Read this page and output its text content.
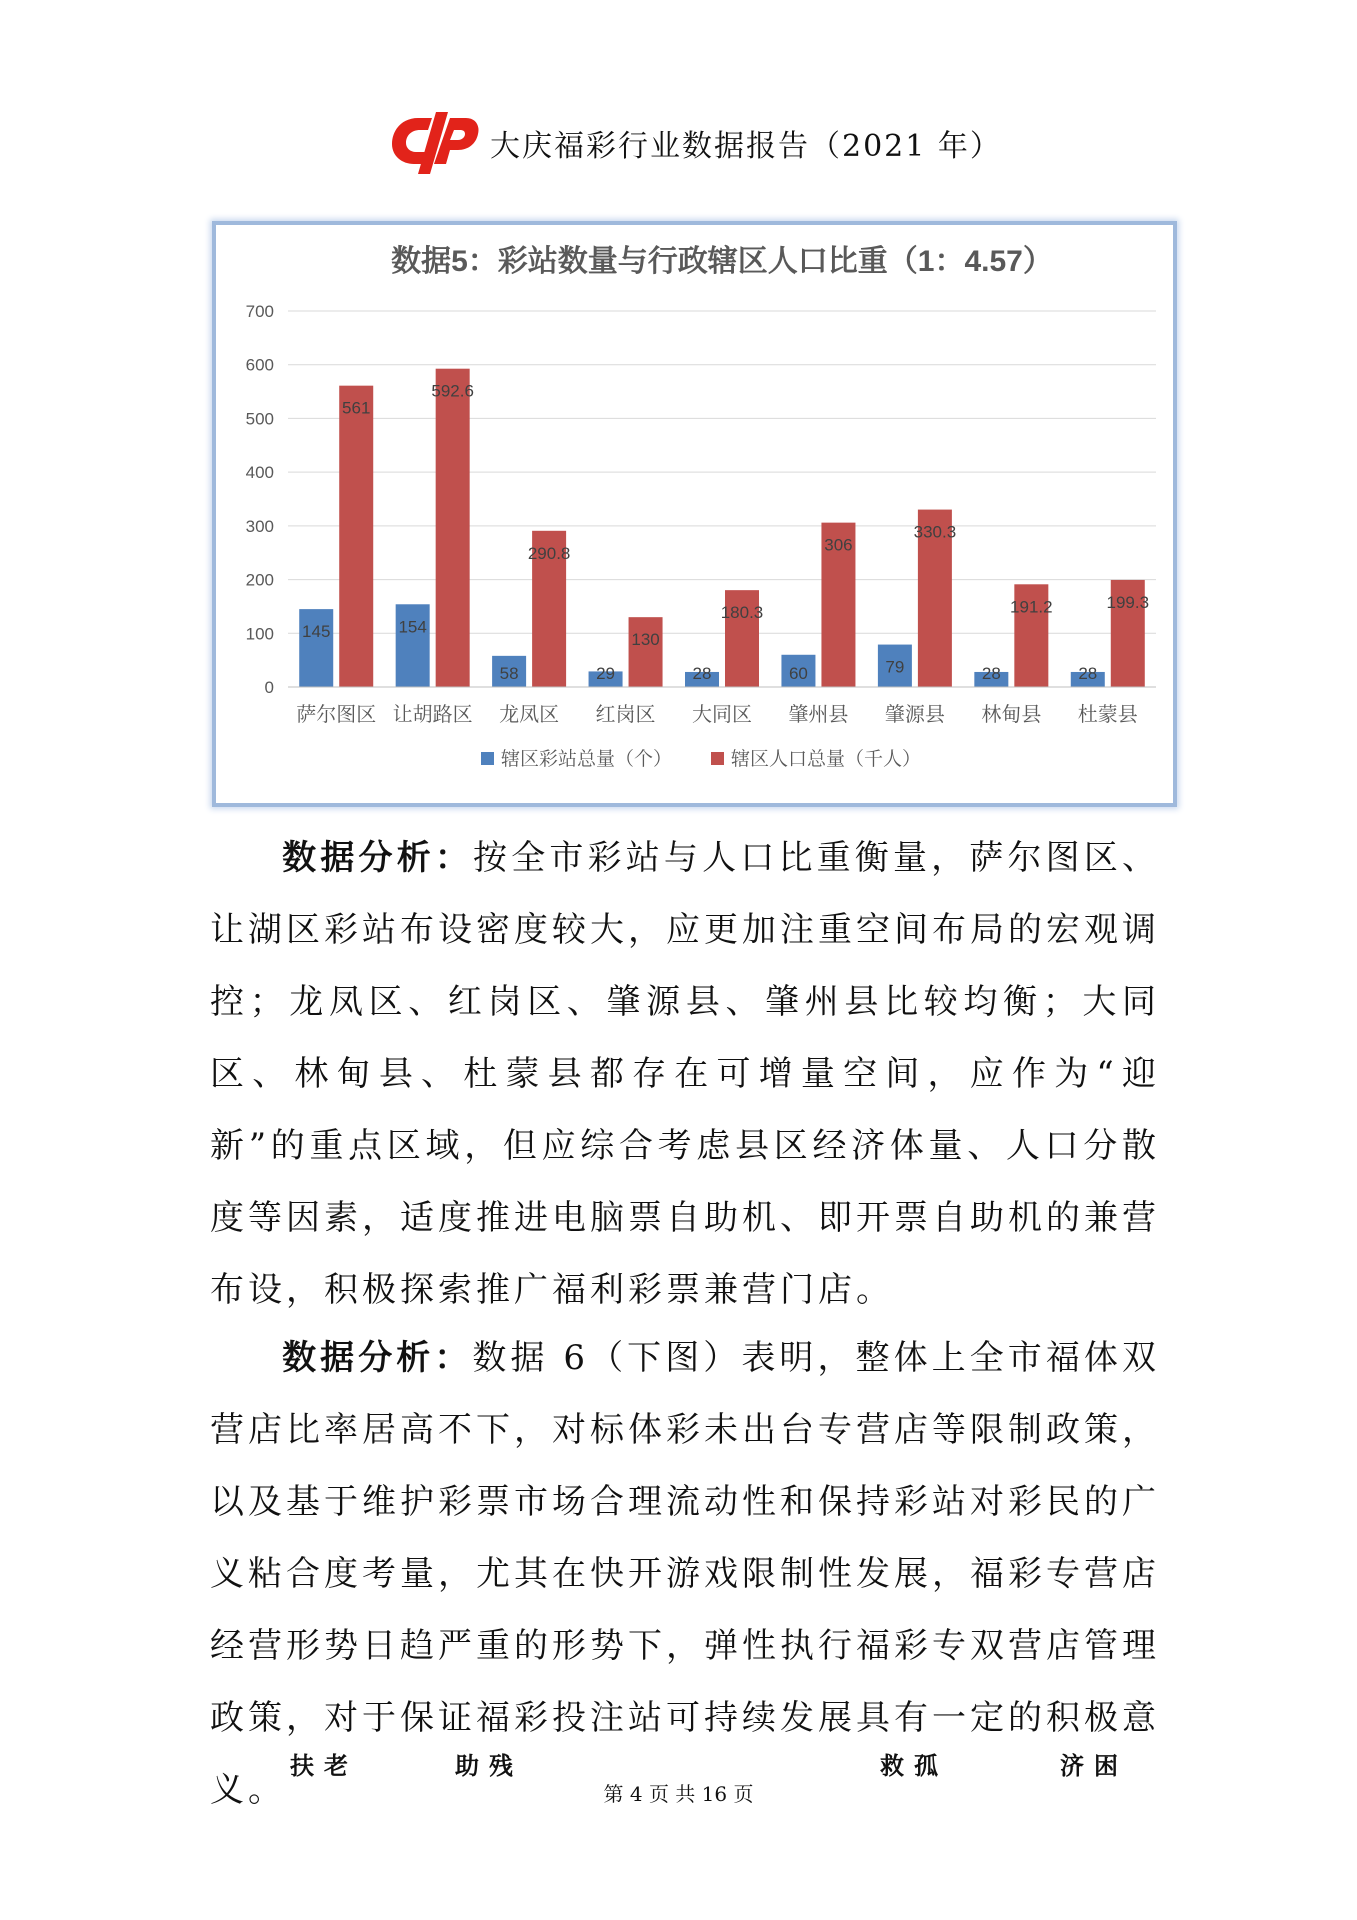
大庆福彩行业数据报告（2021 年）
数据5：彩站数量与行政辖区人口比重（1：4.57）
0
100
200
300
400
500
600
700
145
561
萨尔图区
154
592.6
让胡路区
58
290.8
龙凤区
29
130
红岗区
28
180.3
大同区
60
306
肇州县
79
330.3
肇源县
28
191.2
林甸县
28
199.3
杜蒙县
辖区彩站总量（个）	辖区人口总量（千人）

数据分析：按全市彩站与人口比重衡量，萨尔图区、让湖区彩站布设密度较大，应更加注重空间布局的宏观调控；龙凤区、红岗区、肇源县、肇州县比较均衡；大同区、林甸县、杜蒙县都存在可增量空间，应作为“迎新”的重点区域，但应综合考虑县区经济体量、人口分散度等因素，适度推进电脑票自助机、即开票自助机的兼营布设，积极探索推广福利彩票兼营门店。

数据分析：数据 6（下图）表明，整体上全市福体双营店比率居高不下，对标体彩未出台专营店等限制政策，以及基于维护彩票市场合理流动性和保持彩站对彩民的广义粘合度考量，尤其在快开游戏限制性发展，福彩专营店经营形势日趋严重的形势下，弹性执行福彩专双营店管理政策，对于保证福彩投注站可持续发展具有一定的积极意义。

扶老	助残	救孤	济困
第 4 页 共 16 页
